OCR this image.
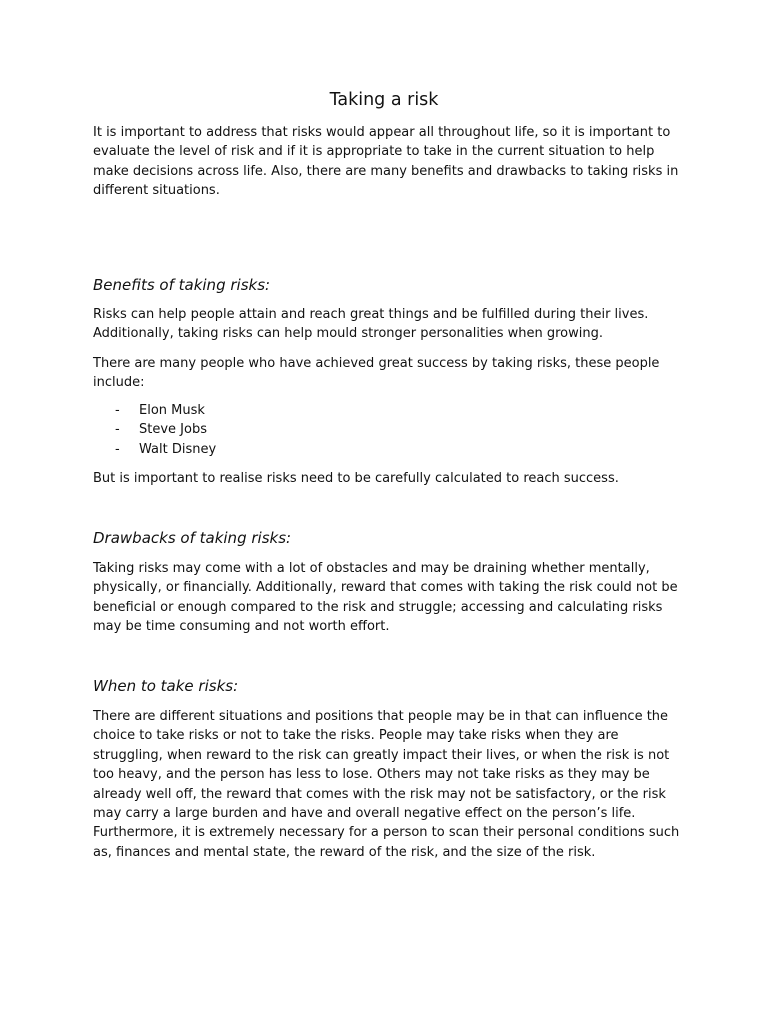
Taking a risk

It is important to address that risks would appear all throughout life, so it is important to evaluate the level of risk and if it is appropriate to take in the current situation to help make decisions across life. Also, there are many benefits and drawbacks to taking risks in different situations.

Benefits of taking risks:

Risks can help people attain and reach great things and be fulfilled during their lives. Additionally, taking risks can help mould stronger personalities when growing.

There are many people who have achieved great success by taking risks, these people include:

- Elon Musk
- Steve Jobs
- Walt Disney

But is important to realise risks need to be carefully calculated to reach success.

Drawbacks of taking risks:

Taking risks may come with a lot of obstacles and may be draining whether mentally, physically, or financially. Additionally, reward that comes with taking the risk could not be beneficial or enough compared to the risk and struggle; accessing and calculating risks may be time consuming and not worth effort.

When to take risks:

There are different situations and positions that people may be in that can influence the choice to take risks or not to take the risks. People may take risks when they are struggling, when reward to the risk can greatly impact their lives, or when the risk is not too heavy, and the person has less to lose. Others may not take risks as they may be already well off, the reward that comes with the risk may not be satisfactory, or the risk may carry a large burden and have and overall negative effect on the person’s life. Furthermore, it is extremely necessary for a person to scan their personal conditions such as, finances and mental state, the reward of the risk, and the size of the risk.
